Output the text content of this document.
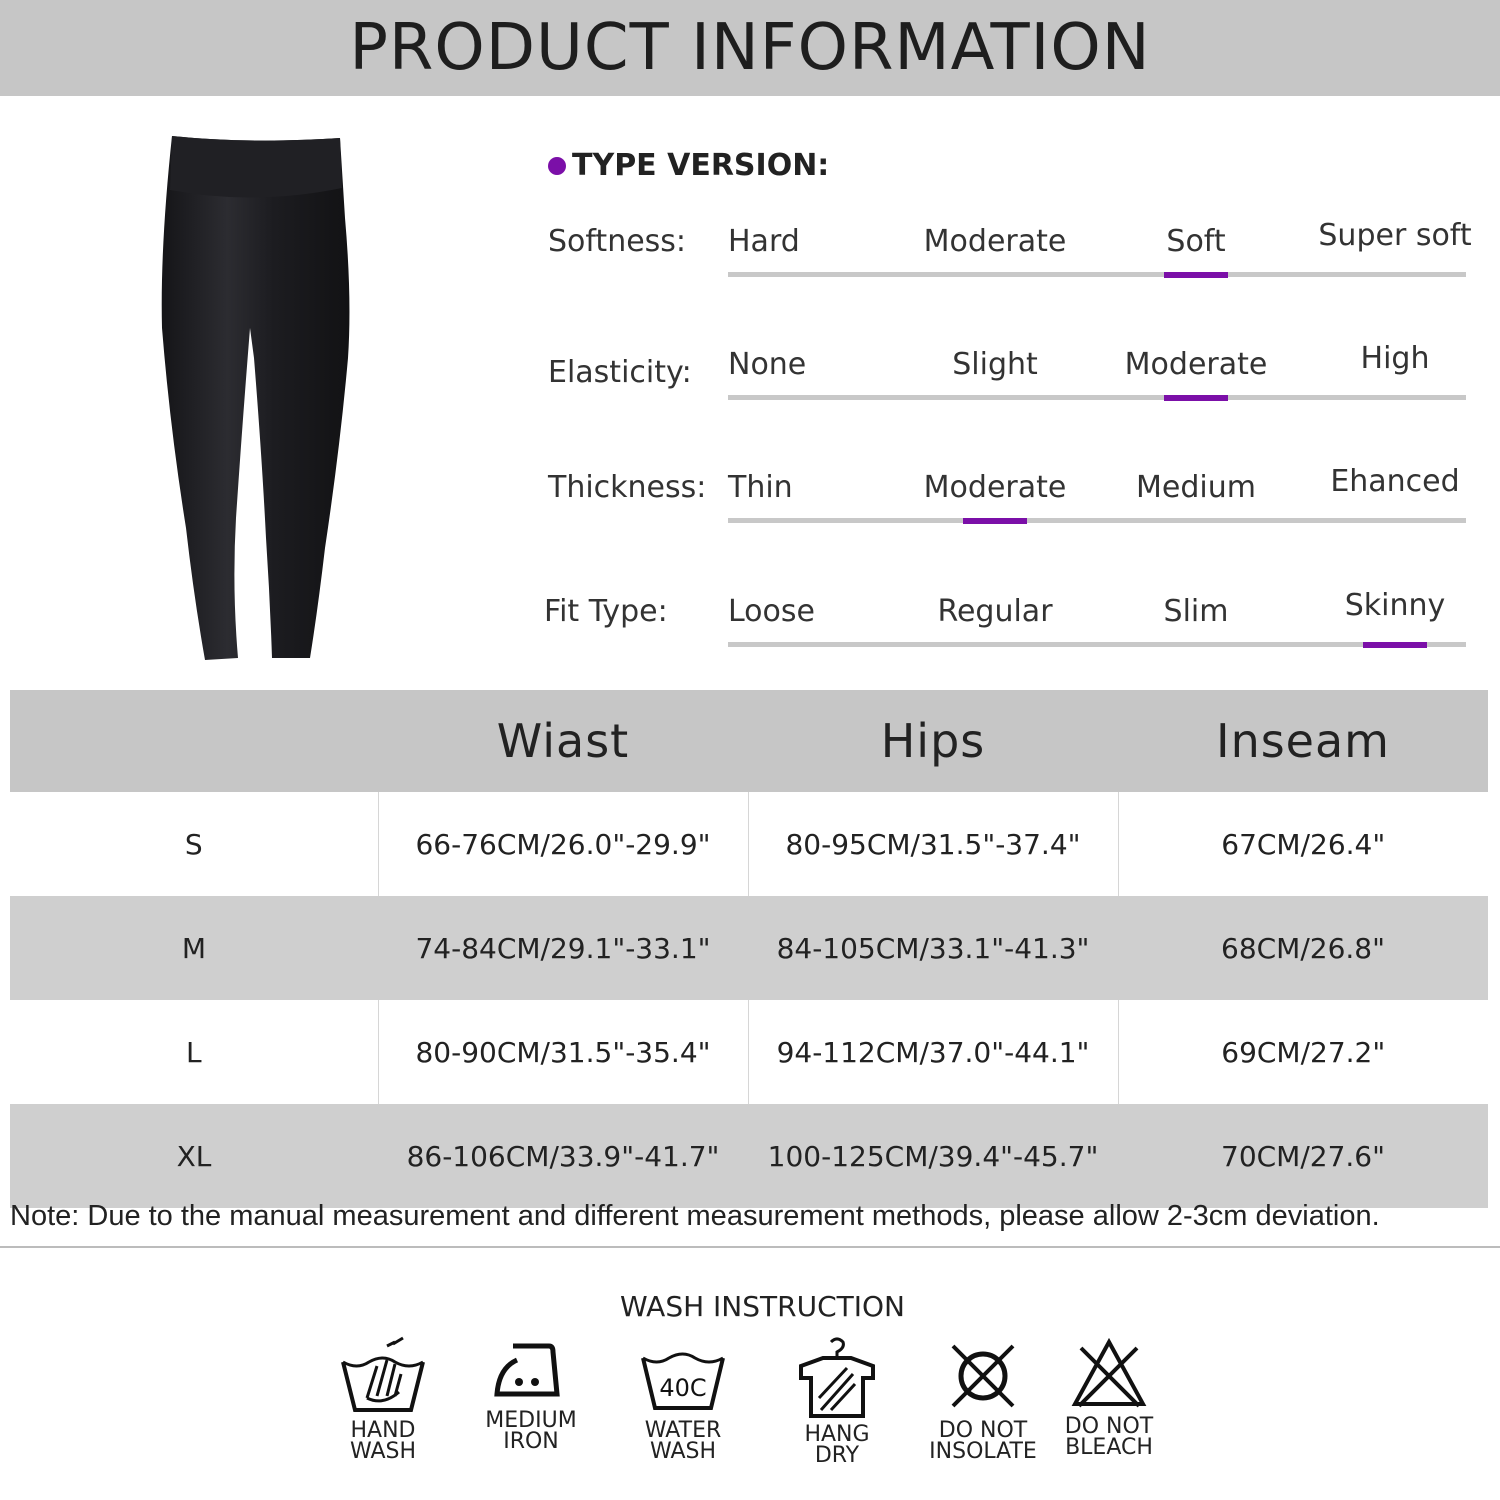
PRODUCT INFORMATION
TYPE VERSION:
Softness: Hard	Moderate	Soft	Super soft
Elasticity: None	Slight	Moderate	High
Thickness: Thin	Moderate Medium Ehanced
Fit Type: Loose	Regular	Slim	Skinny
	Wiast	Hips	Inseam
S	66-76CM/26.0"-29.9"	80-95CM/31.5"-37.4"	67CM/26.4"
M	74-84CM/29.1"-33.1"	84-105CM/33.1"-41.3"	68CM/26.8"
L	80-90CM/31.5"-35.4"	94-112CM/37.0"-44.1"	69CM/27.2"
XL	86-106CM/33.9"-41.7"	100-125CM/39.4"-45.7"	70CM/27.6"
Note: Due to the manual measurement and different measurement methods, please allow 2-3cm deviation.
WASH INSTRUCTION
HAND
WASH
MEDIUM
IRON
40C
WATER
WASH
HANG
DRY
DO NOT
INSOLATE
DO NOT
BLEACH
